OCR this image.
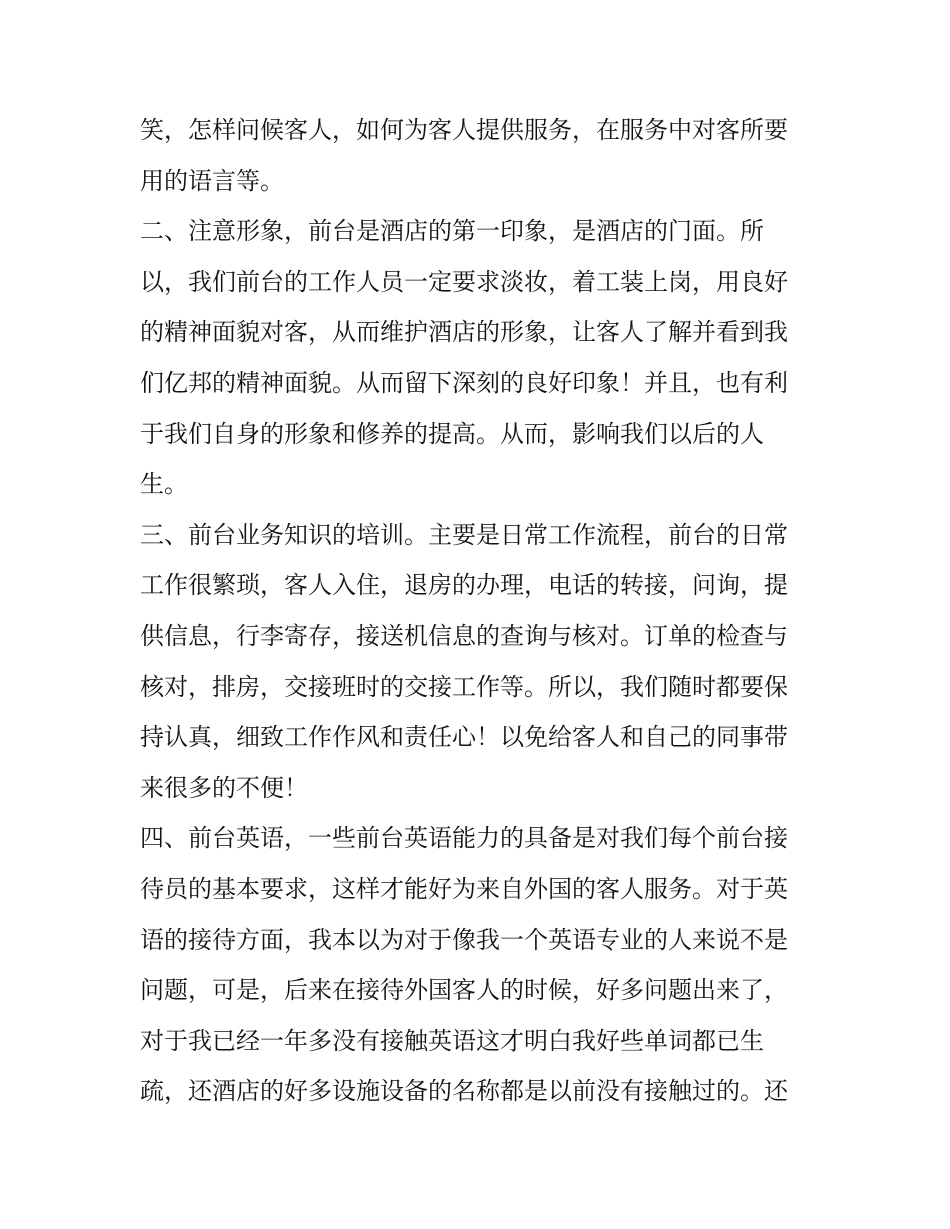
笑，怎样问候客人，如何为客人提供服务，在服务中对客所要
用的语言等。
二、注意形象，前台是酒店的第一印象，是酒店的门面。所
以，我们前台的工作人员一定要求淡妆，着工装上岗，用良好
的精神面貌对客，从而维护酒店的形象，让客人了解并看到我
们亿邦的精神面貌。从而留下深刻的良好印象！并且，也有利
于我们自身的形象和修养的提高。从而，影响我们以后的人
生。
三、前台业务知识的培训。主要是日常工作流程，前台的日常
工作很繁琐，客人入住，退房的办理，电话的转接，问询，提
供信息，行李寄存，接送机信息的查询与核对。订单的检查与
核对，排房，交接班时的交接工作等。所以，我们随时都要保
持认真，细致工作作风和责任心！以免给客人和自己的同事带
来很多的不便！
四、前台英语，一些前台英语能力的具备是对我们每个前台接
待员的基本要求，这样才能好为来自外国的客人服务。对于英
语的接待方面，我本以为对于像我一个英语专业的人来说不是
问题，可是，后来在接待外国客人的时候，好多问题出来了，
对于我已经一年多没有接触英语这才明白我好些单词都已生
疏，还酒店的好多设施设备的名称都是以前没有接触过的。还
